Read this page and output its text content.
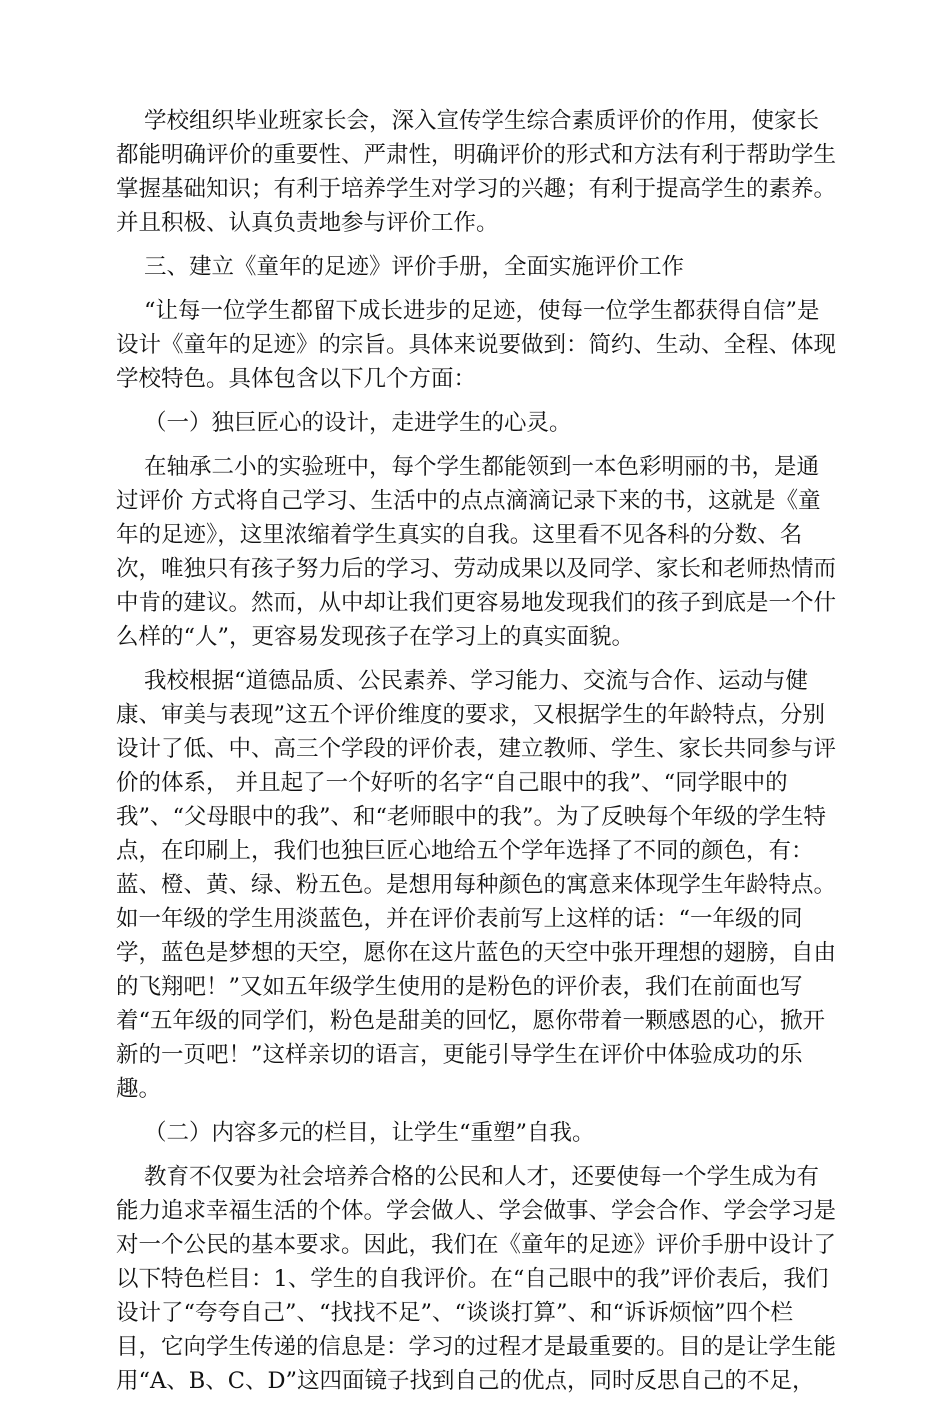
学校组织毕业班家长会，深入宣传学生综合素质评价的作用，使家长都能明确评价的重要性、严肃性，明确评价的形式和方法有利于帮助学生掌握基础知识；有利于培养学生对学习的兴趣；有利于提高学生的素养。并且积极、认真负责地参与评价工作。

三、建立《童年的足迹》评价手册，全面实施评价工作

“让每一位学生都留下成长进步的足迹，使每一位学生都获得自信”是设计《童年的足迹》的宗旨。具体来说要做到：简约、生动、全程、体现学校特色。具体包含以下几个方面：

（一）独巨匠心的设计，走进学生的心灵。

在轴承二小的实验班中，每个学生都能领到一本色彩明丽的书，是通过评价 方式将自己学习、生活中的点点滴滴记录下来的书，这就是《童年的足迹》，这里浓缩着学生真实的自我。这里看不见各科的分数、名次，唯独只有孩子努力后的学习、劳动成果以及同学、家长和老师热情而中肯的建议。然而，从中却让我们更容易地发现我们的孩子到底是一个什么样的“人”，更容易发现孩子在学习上的真实面貌。

我校根据“道德品质、公民素养、学习能力、交流与合作、运动与健康、审美与表现”这五个评价维度的要求，又根据学生的年龄特点，分别设计了低、中、高三个学段的评价表，建立教师、学生、家长共同参与评价的体系， 并且起了一个好听的名字“自己眼中的我”、“同学眼中的我”、“父母眼中的我”、和“老师眼中的我”。为了反映每个年级的学生特点，在印刷上，我们也独巨匠心地给五个学年选择了不同的颜色，有：蓝、橙、黄、绿、粉五色。是想用每种颜色的寓意来体现学生年龄特点。如一年级的学生用淡蓝色，并在评价表前写上这样的话：“一年级的同学，蓝色是梦想的天空，愿你在这片蓝色的天空中张开理想的翅膀，自由的飞翔吧！”又如五年级学生使用的是粉色的评价表，我们在前面也写着“五年级的同学们，粉色是甜美的回忆，愿你带着一颗感恩的心，掀开新的一页吧！”这样亲切的语言，更能引导学生在评价中体验成功的乐趣。

（二）内容多元的栏目，让学生“重塑”自我。

教育不仅要为社会培养合格的公民和人才，还要使每一个学生成为有能力追求幸福生活的个体。学会做人、学会做事、学会合作、学会学习是对一个公民的基本要求。因此，我们在《童年的足迹》评价手册中设计了以下特色栏目：1、学生的自我评价。在“自己眼中的我”评价表后，我们设计了“夸夸自己”、“找找不足”、“谈谈打算”、和“诉诉烦恼”四个栏目，它向学生传递的信息是：学习的过程才是最重要的。目的是让学生能用“A、B、C、D”这四面镜子找到自己的优点，同时反思自己的不足，
